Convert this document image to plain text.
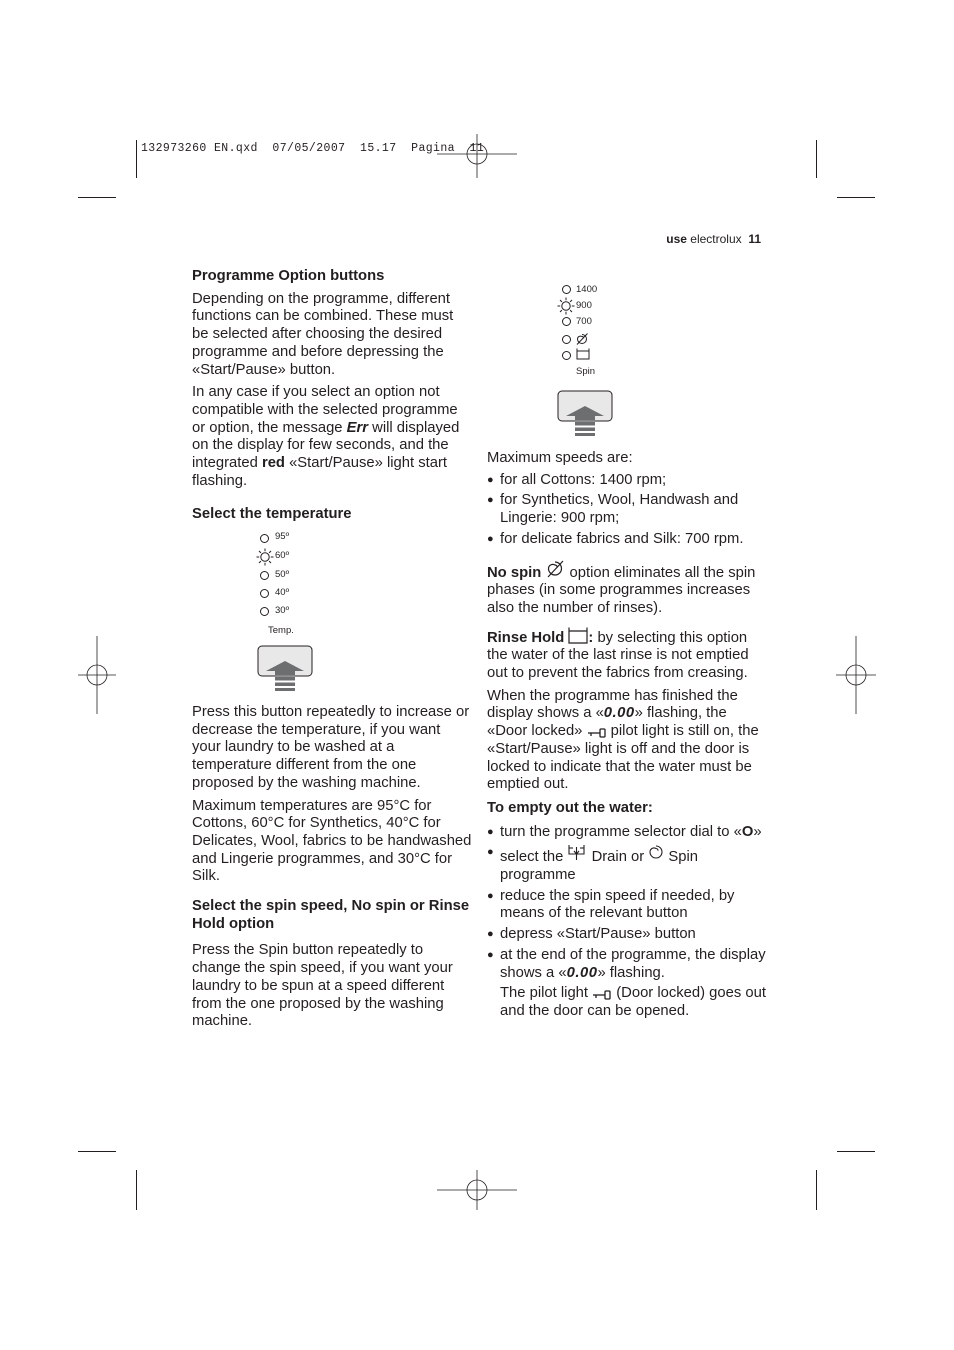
132973260 EN.qxd  07/05/2007  15.17  Pagina  11
use electrolux 11
Programme Option buttons

Depending on the programme, different functions can be combined. These must be selected after choosing the desired programme and before depressing the «Start/Pause» button.

In any case if you select an option not compatible with the selected programme or option, the message Err will displayed on the display for few seconds, and the integrated red «Start/Pause» light start flashing.

Select the temperature
95º
60º
50º
40º
30º
Temp.

Press this button repeatedly to increase or decrease the temperature, if you want your laundry to be washed at a temperature different from the one proposed by the washing machine.

Maximum temperatures are 95°C for Cottons, 60°C for Synthetics, 40°C for Delicates, Wool, fabrics to be handwashed and Lingerie programmes, and 30°C for Silk.

Select the spin speed, No spin or Rinse Hold option

Press the Spin button repeatedly to change the spin speed, if you want your laundry to be spun at a speed different from the one proposed by the washing machine.

1400
900
700
Spin

Maximum speeds are:

● for all Cottons: 1400 rpm;
● for Synthetics, Wool, Handwash and Lingerie: 900 rpm;
● for delicate fabrics and Silk: 700 rpm.

No spin  option eliminates all the spin phases (in some programmes increases also the number of rinses).

Rinse Hold : by selecting this option the water of the last rinse is not emptied out to prevent the fabrics from creasing.

When the programme has finished the display shows a «0.00» flashing, the «Door locked»  pilot light is still on, the «Start/Pause» light is off and the door is locked to indicate that the water must be emptied out.

To empty out the water:
● turn the programme selector dial to «O»
● select the  Drain or  Spin programme
● reduce the spin speed if needed, by means of the relevant button
● depress «Start/Pause» button
● at the end of the programme, the display shows a «0.00» flashing.
The pilot light  (Door locked) goes out and the door can be opened.
